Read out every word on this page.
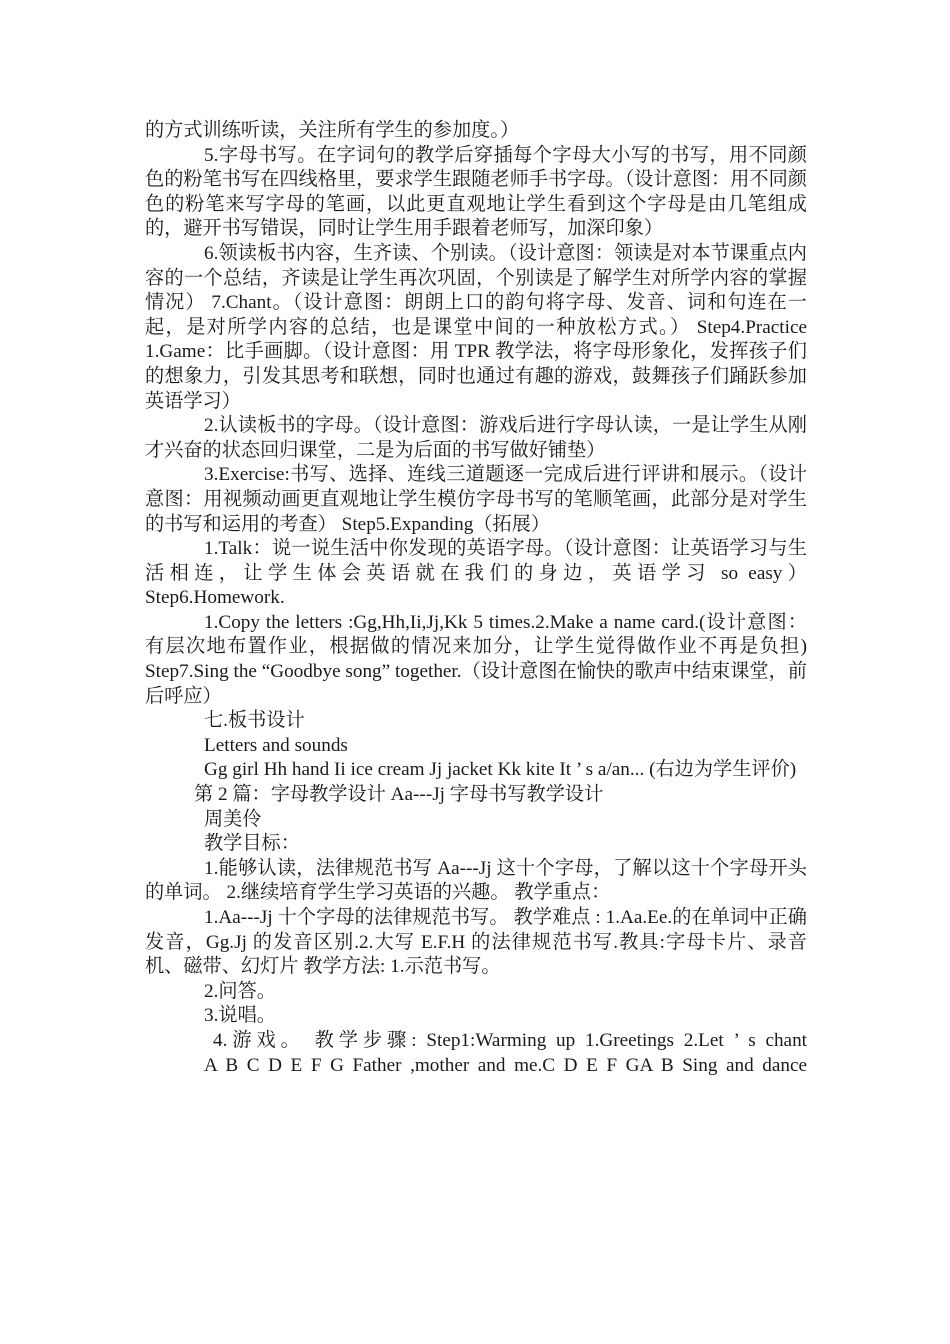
的方式训练听读，关注所有学生的参加度。）

5.字母书写。在字词句的教学后穿插每个字母大小写的书写，用不同颜色的粉笔书写在四线格里，要求学生跟随老师手书字母。（设计意图：用不同颜色的粉笔来写字母的笔画，以此更直观地让学生看到这个字母是由几笔组成的，避开书写错误，同时让学生用手跟着老师写，加深印象）

6.领读板书内容，生齐读、个别读。（设计意图：领读是对本节课重点内容的一个总结，齐读是让学生再次巩固，个别读是了解学生对所学内容的掌握情况） 7.Chant。（设计意图：朗朗上口的韵句将字母、发音、词和句连在一起，是对所学内容的总结，也是课堂中间的一种放松方式。） Step4.Practice 1.Game：比手画脚。（设计意图：用 TPR 教学法，将字母形象化，发挥孩子们的想象力，引发其思考和联想，同时也通过有趣的游戏，鼓舞孩子们踊跃参加英语学习）

2.认读板书的字母。（设计意图：游戏后进行字母认读，一是让学生从刚才兴奋的状态回归课堂，二是为后面的书写做好铺垫）

3.Exercise:书写、选择、连线三道题逐一完成后进行评讲和展示。（设计意图：用视频动画更直观地让学生模仿字母书写的笔顺笔画，此部分是对学生的书写和运用的考查） Step5.Expanding（拓展）

1.Talk：说一说生活中你发现的英语字母。（设计意图：让英语学习与生活相连，让学生体会英语就在我们的身边，英语学习 so easy） Step6.Homework.

1.Copy the letters :Gg,Hh,Ii,Jj,Kk 5 times.2.Make a name card.(设计意图：有层次地布置作业，根据做的情况来加分，让学生觉得做作业不再是负担) Step7.Sing the “Goodbye song” together.（设计意图在愉快的歌声中结束课堂，前后呼应）

七.板书设计

Letters and sounds

Gg girl Hh hand Ii ice cream Jj jacket Kk kite It ’ s a/an... (右边为学生评价)

第 2 篇：字母教学设计 Aa---Jj 字母书写教学设计

周美伶

教学目标：

1.能够认读，法律规范书写 Aa---Jj 这十个字母，了解以这十个字母开头的单词。 2.继续培育学生学习英语的兴趣。 教学重点：

1.Aa---Jj 十个字母的法律规范书写。 教学难点 : 1.Aa.Ee.的在单词中正确发音，Gg.Jj 的发音区别.2.大写 E.F.H 的法律规范书写.教具:字母卡片、录音机、磁带、幻灯片 教学方法: 1.示范书写。

2.问答。

3.说唱。

4.游戏。 教学步骤: Step1:Warming up 1.Greetings 2.Let ’ s chant

A B C D E F G Father ,mother and me.C D E F GA B Sing and dance
